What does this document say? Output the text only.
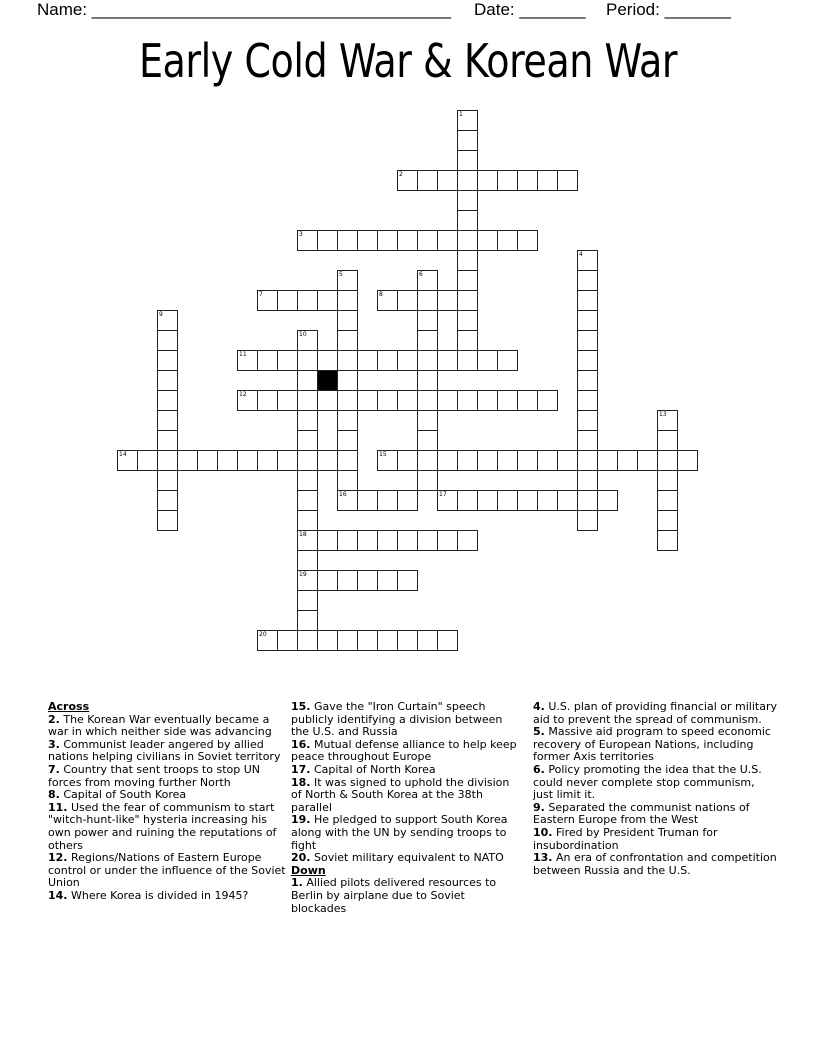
Name: ______________________________________ Date: _______ Period: _______
Early Cold War & Korean War
1
2
3
4
5
16
6
7	8
9
10
18
19
11
12
13
14	15
17
20
Across
2. The Korean War eventually became a war in which neither side was advancing
3. Communist leader angered by allied nations helping civilians in Soviet territory
7. Country that sent troops to stop UN forces from moving further North
8. Capital of South Korea
11. Used the fear of communism to start "witch-hunt-like" hysteria increasing his own power and ruining the reputations of others
12. Regions/Nations of Eastern Europe control or under the influence of the Soviet Union
14. Where Korea is divided in 1945?
15. Gave the "Iron Curtain" speech publicly identifying a division between the U.S. and Russia
16. Mutual defense alliance to help keep peace throughout Europe
17. Capital of North Korea
18. It was signed to uphold the division of North & South Korea at the 38th parallel
19. He pledged to support South Korea along with the UN by sending troops to fight
20. Soviet military equivalent to NATO
Down
1. Allied pilots delivered resources to Berlin by airplane due to Soviet blockades
4. U.S. plan of providing financial or military aid to prevent the spread of communism.
5. Massive aid program to speed economic recovery of European Nations, including former Axis territories
6. Policy promoting the idea that the U.S. could never complete stop communism, just limit it.
9. Separated the communist nations of Eastern Europe from the West
10. Fired by President Truman for insubordination
13. An era of confrontation and competition between Russia and the U.S.
